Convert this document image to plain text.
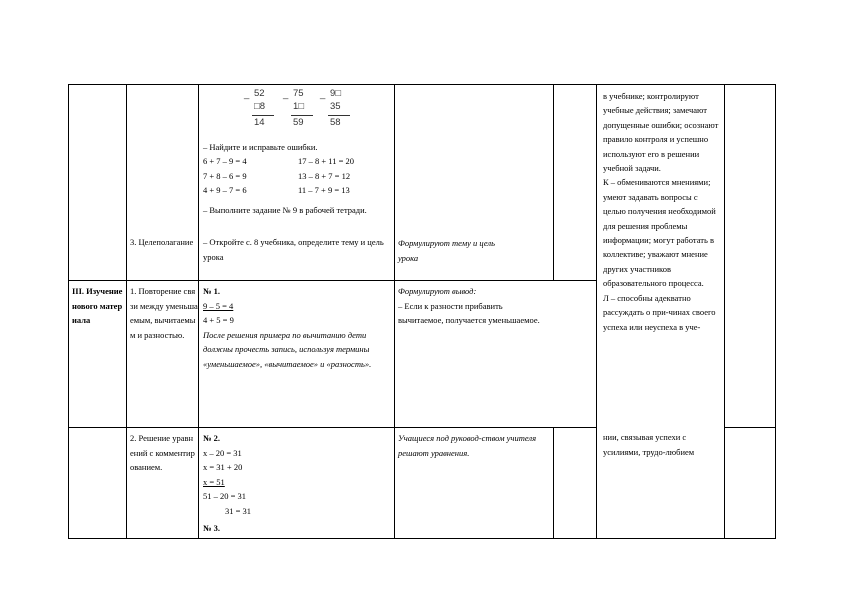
_ 52
□8
14
_ 75
1□
59
_ 9□
35
58
– Найдите и исправьте ошибки.
6 + 7 – 9 = 4
7 + 8 – 6 = 9
4 + 9 – 7 = 6
17 – 8 + 11 = 20
13 – 8 + 7 = 12
11 – 7 + 9 = 13
– Выполните задание № 9 в рабочей тетради.
– Откройте с. 8 учебника, определите тему и цель урока
3. Целеполагание	Формулируют тему и цель урока
в учебнике; контролируют учебные действия; замечают допущенные ошибки; осознают правило контроля и успешно используют его в решении учебной задачи.
К – обмениваются мнениями; умеют задавать вопросы с целью получения необходимой для решения проблемы информации; могут работать в коллективе; уважают мнение других участников образовательного процесса.
Л – способны адекватно рассуждать о при-чинах своего успеха или неуспеха в уче-
нии, связывая успехи с усилиями, трудо-любием
III. Изучение нового материала
1. Повторение связи между уменьшаемым, вычитаемым и разностью.
№ 1.
9 – 5 = 4
4 + 5 = 9
После решения примера по вычитанию дети должны прочесть запись, используя термины «уменьшаемое», «вычитаемое» и «разность».
Формулируют вывод:
– Если к разности прибавить вычитаемое, получается уменьшаемое.
2. Решение уравнений с комментированием.
№ 2.
x – 20 = 31
x = 31 + 20
x = 51
51 – 20 = 31
31 = 31
№ 3.
Учащиеся под руковод-ством учителя решают уравнения.
